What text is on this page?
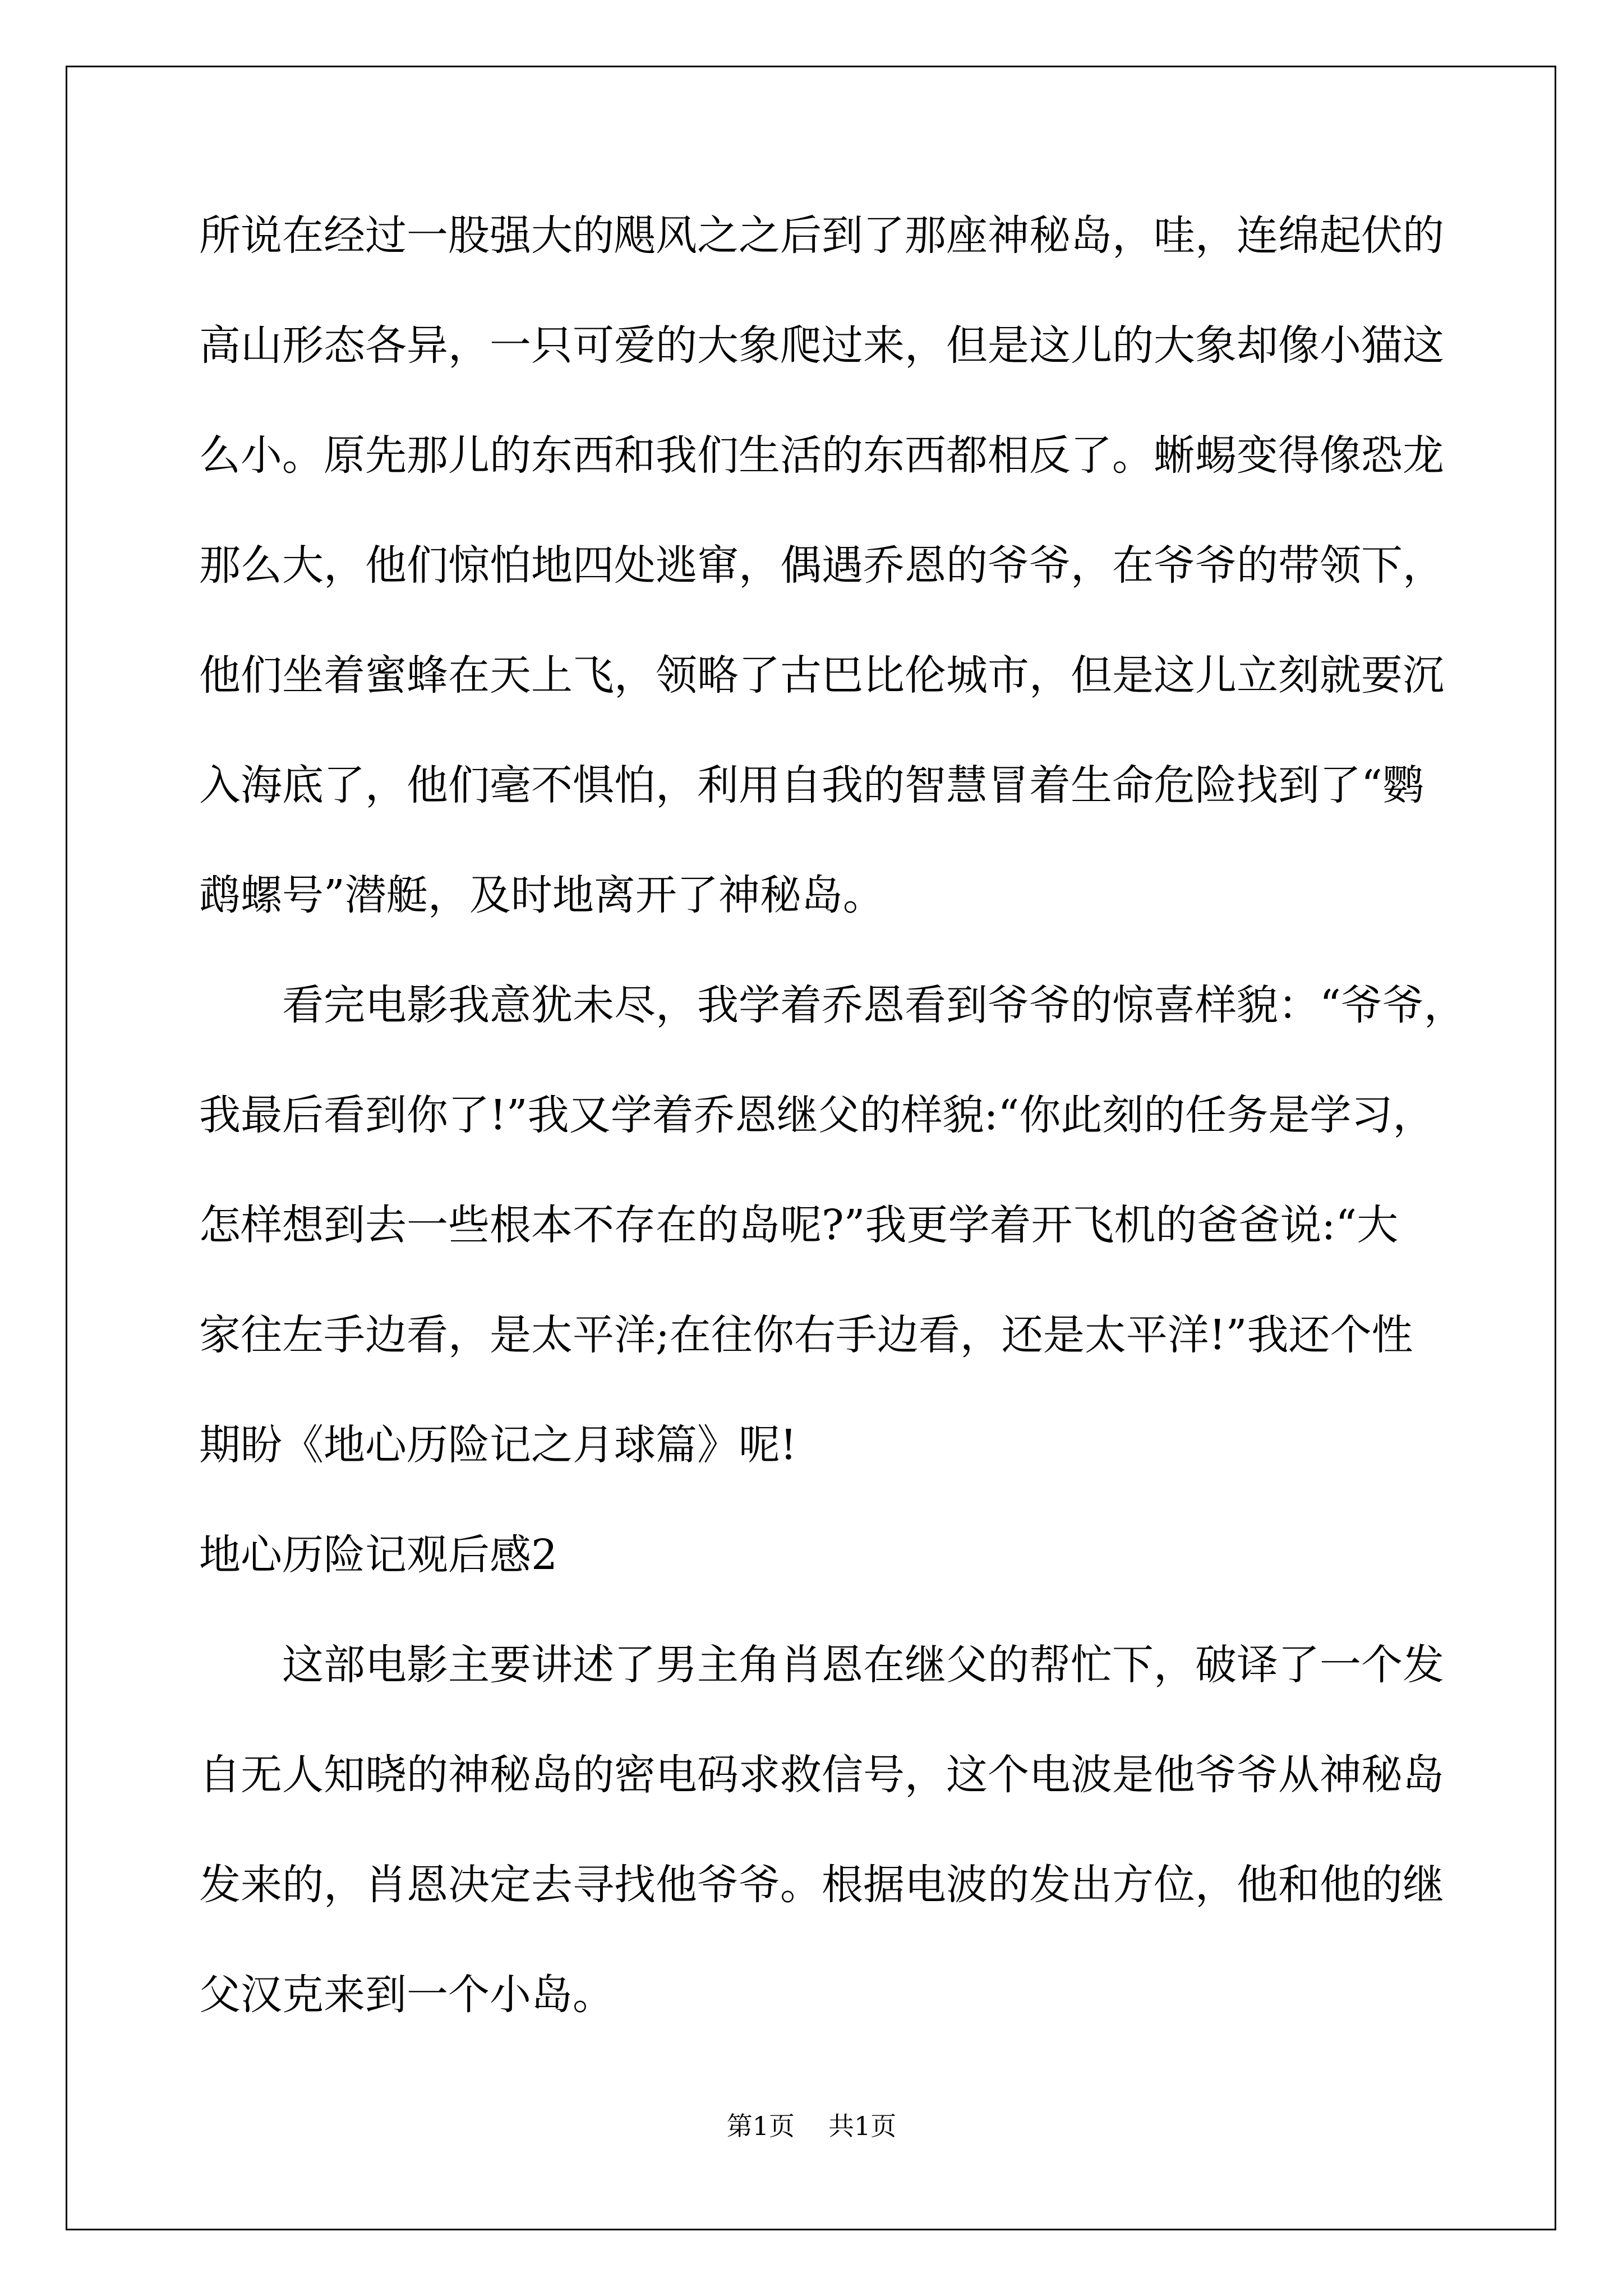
所说在经过一股强大的飓风之之后到了那座神秘岛，哇，连绵起伏的
高山形态各异，一只可爱的大象爬过来，但是这儿的大象却像小猫这
么小。原先那儿的东西和我们生活的东西都相反了。蜥蜴变得像恐龙
那么大，他们惊怕地四处逃窜，偶遇乔恩的爷爷，在爷爷的带领下，
他们坐着蜜蜂在天上飞，领略了古巴比伦城市，但是这儿立刻就要沉
入海底了，他们毫不惧怕，利用自我的智慧冒着生命危险找到了“鹦
鹉螺号”潜艇，及时地离开了神秘岛。
看完电影我意犹未尽，我学着乔恩看到爷爷的惊喜样貌：“爷爷，
我最后看到你了!”我又学着乔恩继父的样貌:“你此刻的任务是学习，
怎样想到去一些根本不存在的岛呢?”我更学着开飞机的爸爸说:“大
家往左手边看，是太平洋;在往你右手边看，还是太平洋!”我还个性
期盼《地心历险记之月球篇》呢!
地心历险记观后感2
这部电影主要讲述了男主角肖恩在继父的帮忙下，破译了一个发
自无人知晓的神秘岛的密电码求救信号，这个电波是他爷爷从神秘岛
发来的，肖恩决定去寻找他爷爷。根据电波的发出方位，他和他的继
父汉克来到一个小岛。
第1页 共1页
